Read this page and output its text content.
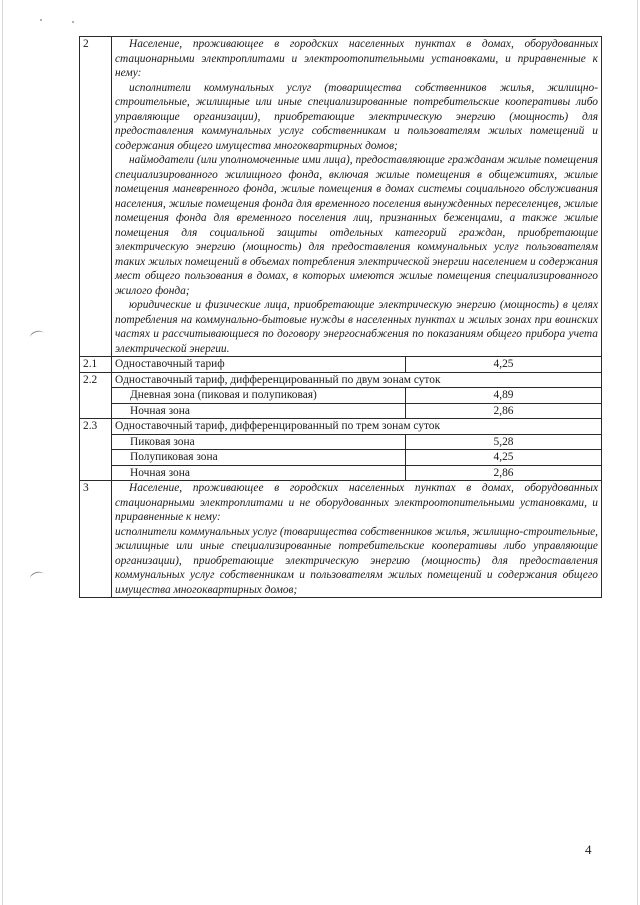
2	Население, проживающее в городских населенных пунктах в домах, оборудованных стационарными электроплитами и электроотопительными установками, и приравненные к нему:

исполнители коммунальных услуг (товарищества собственников жилья, жилищно-строительные, жилищные или иные специализированные потребительские кооперативы либо управляющие организации), приобретающие электрическую энергию (мощность) для предоставления коммунальных услуг собственникам и пользователям жилых помещений и содержания общего имущества многоквартирных домов;

наймодатели (или уполномоченные ими лица), предоставляющие гражданам жилые помещения специализированного жилищного фонда, включая жилые помещения в общежитиях, жилые помещения маневренного фонда, жилые помещения в домах системы социального обслуживания населения, жилые помещения фонда для временного поселения вынужденных переселенцев, жилые помещения фонда для временного поселения лиц, признанных беженцами, а также жилые помещения для социальной защиты отдельных категорий граждан, приобретающие электрическую энергию (мощность) для предоставления коммунальных услуг пользователям таких жилых помещений в объемах потребления электрической энергии населением и содержания мест общего пользования в домах, в которых имеются жилые помещения специализированного жилого фонда;

юридические и физические лица, приобретающие электрическую энергию (мощность) в целях потребления на коммунально-бытовые нужды в населенных пунктах и жилых зонах при воинских частях и рассчитывающиеся по договору энергоснабжения по показаниям общего прибора учета электрической энергии.	

2.1	Одноставочный тариф	4,25
2.2	Одноставочный тариф, дифференцированный по двум зонам суток	
	Дневная зона (пиковая и полупиковая)	4,89
	Ночная зона	2,86
2.3	Одноставочный тариф, дифференцированный по трем зонам суток	
	Пиковая зона	5,28
	Полупиковая зона	4,25
	Ночная зона	2,86
3	Население, проживающее в городских населенных пунктах в домах, оборудованных стационарными электроплитами и не оборудованных электроотопительными установками, и приравненные к нему:

исполнители коммунальных услуг (товарищества собственников жилья, жилищно-строительные, жилищные или иные специализированные потребительские кооперативы либо управляющие организации), приобретающие электрическую энергию (мощность) для предоставления коммунальных услуг собственникам и пользователям жилых помещений и содержания общего имущества многоквартирных домов;	

4
